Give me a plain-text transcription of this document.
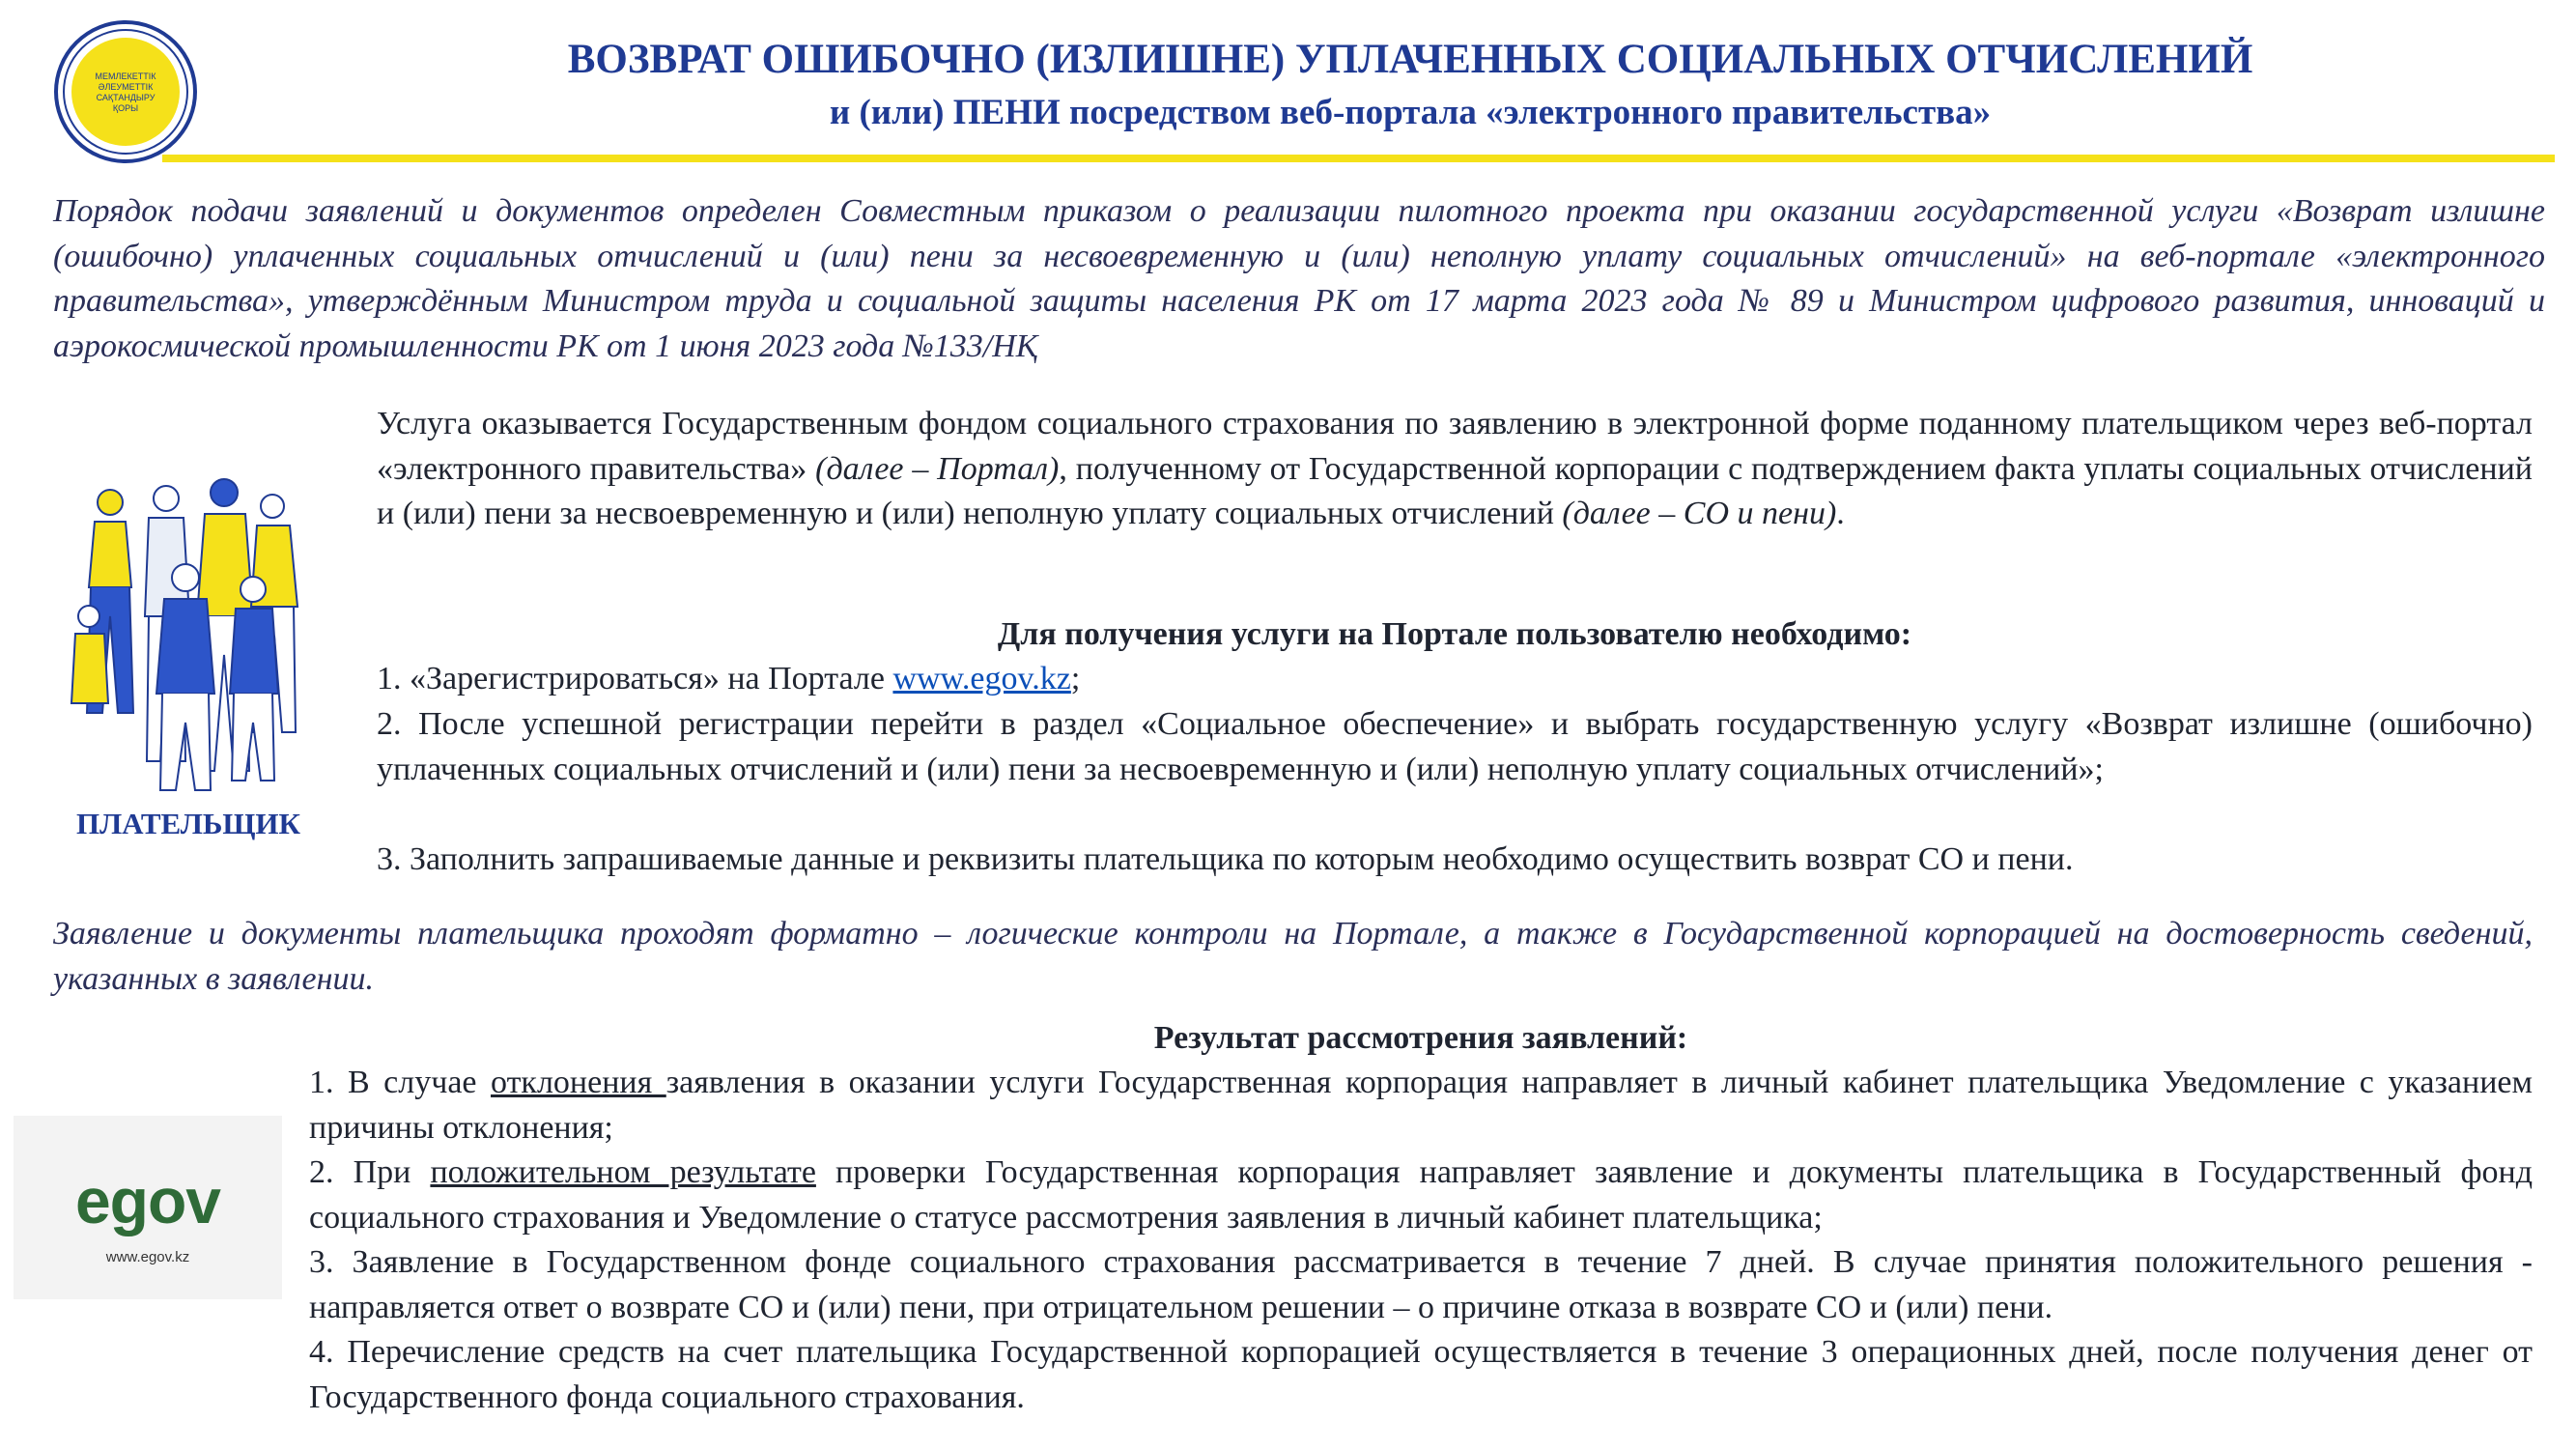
МЕМЛЕКЕТТІК
ӘЛЕУМЕТТІК
САҚТАНДЫРУ
ҚОРЫ
ВОЗВРАТ ОШИБОЧНО (ИЗЛИШНЕ) УПЛАЧЕННЫХ СОЦИАЛЬНЫХ ОТЧИСЛЕНИЙ
и (или) ПЕНИ посредством веб-портала «электронного правительства»
Порядок подачи заявлений и документов определен Совместным приказом о реализации пилотного проекта при оказании государственной услуги «Возврат излишне (ошибочно) уплаченных социальных отчислений и (или) пени за несвоевременную и (или) неполную уплату социальных отчислений» на веб-портале «электронного правительства», утверждённым Министром труда и социальной защиты населения РК от 17 марта 2023 года № 89 и Министром цифрового развития, инноваций и аэрокосмической промышленности РК от 1 июня 2023 года №133/НҚ
ПЛАТЕЛЬЩИК
Услуга оказывается Государственным фондом социального страхования по заявлению в электронной форме поданному плательщиком через веб-портал «электронного правительства» (далее – Портал), полученному от Государственной корпорации с подтверждением факта уплаты социальных отчислений и (или) пени за несвоевременную и (или) неполную уплату социальных отчислений (далее – СО и пени).
Для получения услуги на Портале пользователю необходимо:
1. «Зарегистрироваться» на Портале www.egov.kz;
2. После успешной регистрации перейти в раздел «Социальное обеспечение» и выбрать государственную услугу «Возврат излишне (ошибочно) уплаченных социальных отчислений и (или) пени за несвоевременную и (или) неполную уплату социальных отчислений»;
3. Заполнить запрашиваемые данные и реквизиты плательщика по которым необходимо осуществить возврат СО и пени.
Заявление и документы плательщика проходят форматно – логические контроли на Портале, а также в Государственной корпорацией на достоверность сведений, указанных в заявлении.
Результат рассмотрения заявлений:
1. В случае отклонения заявления в оказании услуги Государственная корпорация направляет в личный кабинет плательщика Уведомление с указанием причины отклонения;
2. При положительном результате проверки Государственная корпорация направляет заявление и документы плательщика в Государственный фонд социального страхования и Уведомление о статусе рассмотрения заявления в личный кабинет плательщика;
3. Заявление в Государственном фонде социального страхования рассматривается в течение 7 дней. В случае принятия положительного решения - направляется ответ о возврате СО и (или) пени, при отрицательном решении – о причине отказа в возврате СО и (или) пени.
4. Перечисление средств на счет плательщика Государственной корпорацией осуществляется в течение 3 операционных дней, после получения денег от Государственного фонда социального страхования.
egov
www.egov.kz
